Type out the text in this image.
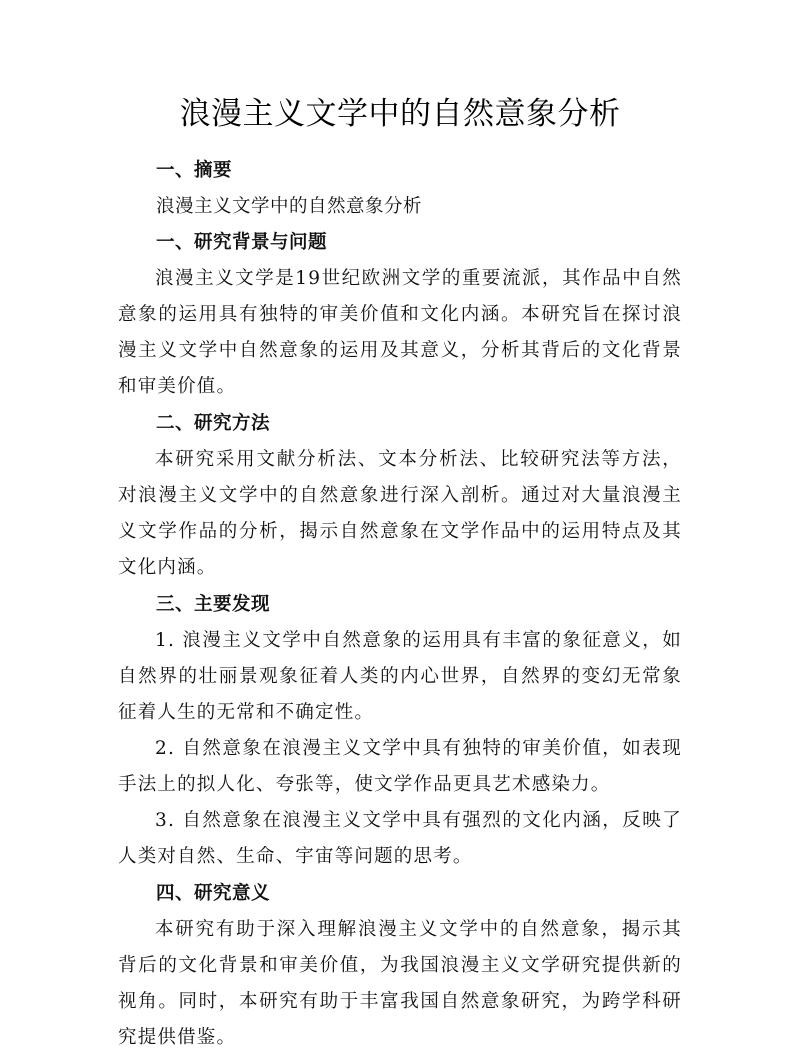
浪漫主义文学中的自然意象分析

一、摘要

浪漫主义文学中的自然意象分析

一、研究背景与问题

浪漫主义文学是19世纪欧洲文学的重要流派，其作品中自然意象的运用具有独特的审美价值和文化内涵。本研究旨在探讨浪漫主义文学中自然意象的运用及其意义，分析其背后的文化背景和审美价值。

二、研究方法

本研究采用文献分析法、文本分析法、比较研究法等方法，对浪漫主义文学中的自然意象进行深入剖析。通过对大量浪漫主义文学作品的分析，揭示自然意象在文学作品中的运用特点及其文化内涵。

三、主要发现

1. 浪漫主义文学中自然意象的运用具有丰富的象征意义，如自然界的壮丽景观象征着人类的内心世界，自然界的变幻无常象征着人生的无常和不确定性。

2. 自然意象在浪漫主义文学中具有独特的审美价值，如表现手法上的拟人化、夸张等，使文学作品更具艺术感染力。

3. 自然意象在浪漫主义文学中具有强烈的文化内涵，反映了人类对自然、生命、宇宙等问题的思考。

四、研究意义

本研究有助于深入理解浪漫主义文学中的自然意象，揭示其背后的文化背景和审美价值，为我国浪漫主义文学研究提供新的视角。同时，本研究有助于丰富我国自然意象研究，为跨学科研究提供借鉴。
